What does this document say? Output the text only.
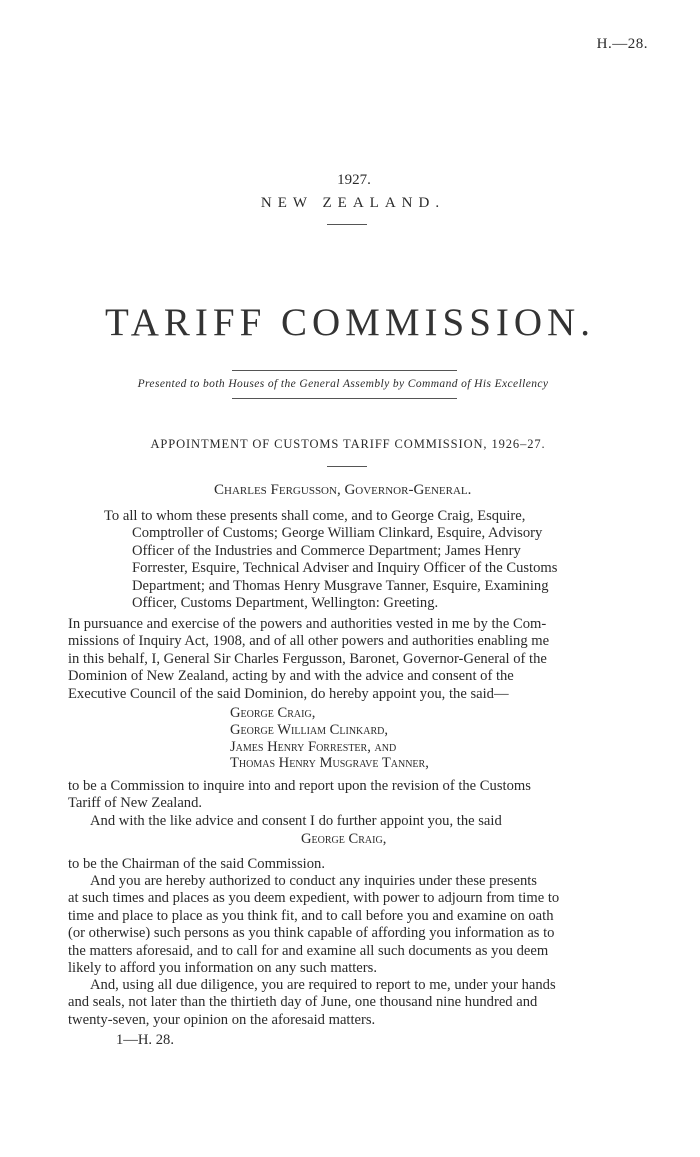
H.—28.
1927.
NEW ZEALAND.
TARIFF COMMISSION.
Presented to both Houses of the General Assembly by Command of His Excellency
APPOINTMENT OF CUSTOMS TARIFF COMMISSION, 1926–27.
Charles Fergusson, Governor-General.
To all to whom these presents shall come, and to George Craig, Esquire,
Comptroller of Customs; George William Clinkard, Esquire, Advisory
Officer of the Industries and Commerce Department; James Henry
Forrester, Esquire, Technical Adviser and Inquiry Officer of the Customs
Department; and Thomas Henry Musgrave Tanner, Esquire, Examining
Officer, Customs Department, Wellington: Greeting.
In pursuance and exercise of the powers and authorities vested in me by the Com-
missions of Inquiry Act, 1908, and of all other powers and authorities enabling me
in this behalf, I, General Sir Charles Fergusson, Baronet, Governor-General of the
Dominion of New Zealand, acting by and with the advice and consent of the
Executive Council of the said Dominion, do hereby appoint you, the said—
George Craig,
George William Clinkard,
James Henry Forrester, and
Thomas Henry Musgrave Tanner,
to be a Commission to inquire into and report upon the revision of the Customs
Tariff of New Zealand.
And with the like advice and consent I do further appoint you, the said
George Craig,
to be the Chairman of the said Commission.
And you are hereby authorized to conduct any inquiries under these presents
at such times and places as you deem expedient, with power to adjourn from time to
time and place to place as you think fit, and to call before you and examine on oath
(or otherwise) such persons as you think capable of affording you information as to
the matters aforesaid, and to call for and examine all such documents as you deem
likely to afford you information on any such matters.
And, using all due diligence, you are required to report to me, under your hands
and seals, not later than the thirtieth day of June, one thousand nine hundred and
twenty-seven, your opinion on the aforesaid matters.
1—H. 28.
